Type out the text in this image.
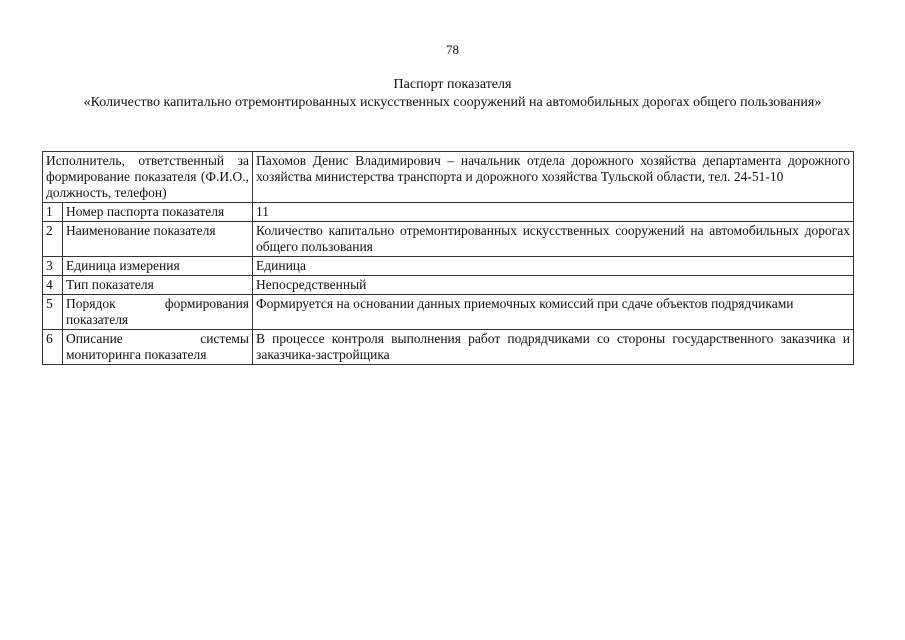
78
Паспорт показателя
«Количество капитально отремонтированных искусственных сооружений на автомобильных дорогах общего пользования»
Исполнитель, ответственный за формирование показателя (Ф.И.О., должность, телефон)		Пахомов Денис Владимирович – начальник отдела дорожного хозяйства департамента дорожного хозяйства министерства транспорта и дорожного хозяйства Тульской области, тел. 24-51-10
1	Номер паспорта показателя	11
2	Наименование показателя	Количество капитально отремонтированных искусственных сооружений на автомобильных дорогах общего пользования
3	Единица измерения	Единица
4	Тип показателя	Непосредственный
5	Порядок формирования показателя	Формируется на основании данных приемочных комиссий при сдаче объектов подрядчиками
6	Описание системы мониторинга показателя	В процессе контроля выполнения работ подрядчиками со стороны государственного заказчика и заказчика-застройщика
